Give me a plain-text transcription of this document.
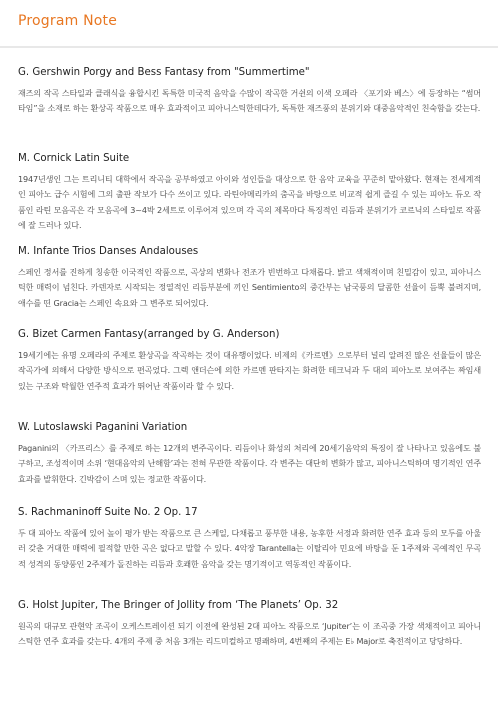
Program Note
G. Gershwin Porgy and Bess Fantasy from "Summertime"

재즈의 작곡 스타일과 클래식을 융합시킨 독특한 미국적 음악을 수많이 작곡한 거쉰의 이색 오페라 〈포기와 베스〉에 등장하는 “썸머타임”을 소재로 하는 환상곡 작품으로 매우 효과적이고 피아니스틱한데다가, 독특한 재즈풍의 분위기와 대중음악적인 친숙함을 갖는다.

M. Cornick Latin Suite

1947년생인 그는 트리니티 대학에서 작곡을 공부하였고 아이와 성인들을 대상으로 한 음악 교육을 꾸준히 맡아왔다. 현재는 전세계적인 피아노 급수 시험에 그의 출판 작보가 다수 쓰이고 있다. 라틴아메리카의 춤곡을 바탕으로 비교적 쉽게 즐길 수 있는 피아노 듀오 작품인 라틴 모음곡은 각 모음곡에 3~4박 2세트로 이루어져 있으며 각 곡의 제목마다 특징적인 리듬과 분위기가 코르닉의 스타일로 작품에 잘 드러나 있다.

M. Infante Trios Danses Andalouses

스페인 정서를 진하게 칭송한 이국적인 작품으로, 곡상의 변화나 전조가 빈번하고 다채롭다. 밝고 색채적이며 친밀감이 있고, 피아니스틱한 매력이 넘친다. 카덴자로 시작되는 정열적인 리듬부분에 끼인 Sentimiento의 중간부는 남국풍의 달콤한 선율이 듬뿍 불려지며, 애수를 띤 Gracia는 스페인 속요와 그 변주로 되어있다.

G. Bizet Carmen Fantasy(arranged by G. Anderson)

19세기에는 유명 오페라의 주제로 환상곡을 작곡하는 것이 대유행이었다. 비제의《카르멘》으로부터 널리 알려진 많은 선율들이 많은 작곡가에 의해서 다양한 방식으로 편곡었다. 그렉 앤더슨에 의한 카르멘 판타지는 화려한 테크닉과 두 대의 피아노로 보여주는 짜임새 있는 구조와 탁월한 연주적 효과가 뛰어난 작품이라 할 수 있다.

W. Lutoslawski Paganini Variation

Paganini의 〈카프리스〉를 주제로 하는 12개의 변주곡이다. 리듬이나 화성의 처리에 20세기음악의 특징이 잘 나타나고 있음에도 불구하고, 조성적이며 소위 ‘현대음악의 난해함’과는 전혀 무관한 작품이다. 각 변주는 대단히 변화가 많고, 피아니스틱하며 명기적인 연주 효과를 발휘한다. 긴박감이 스며 있는 정교한 작품이다.

S. Rachmaninoff Suite No. 2 Op. 17

두 대 피아노 작품에 있어 높이 평가 받는 작품으로 큰 스케일, 다채롭고 풍부한 내용, 농후한 서정과 화려한 연주 효과 등의 모두를 아울러 갖춘 거대한 매력에 필적할 만한 곡은 없다고 말할 수 있다. 4악장 Tarantella는 이탈리아 민요에 바탕을 둔 1주제와 곡예적인 무곡적 성격의 동양풍인 2주제가 돌진하는 리듬과 호쾌한 음악을 갖는 명기적이고 역동적인 작품이다.

G. Holst Jupiter, The Bringer of Jollity from ‘The Planets’ Op. 32

원곡의 대규모 관현악 조곡이 오케스트레이션 되기 이전에 완성된 2대 피아노 작품으로 ‘Jupiter’는 이 조곡중 가장 색채적이고 피아니스틱한 연주 효과를 갖는다. 4개의 주제 중 처음 3개는 리드미컬하고 명쾌하며, 4번째의 주제는 E♭ Major로 축전적이고 당당하다.
